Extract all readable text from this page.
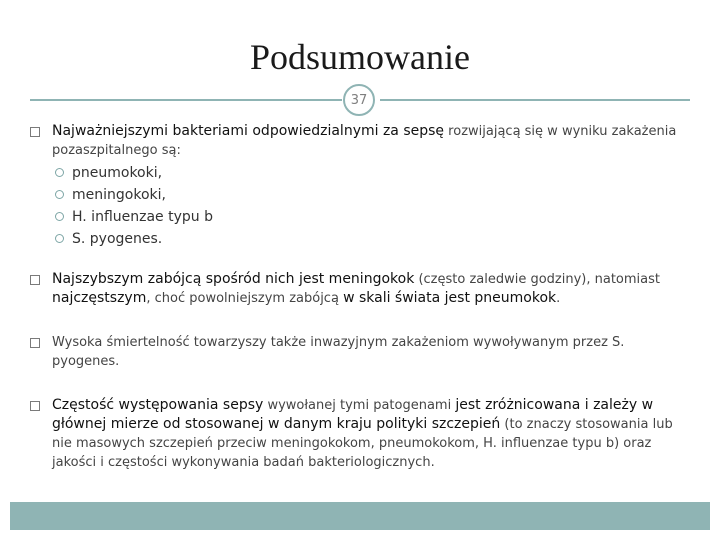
Podsumowanie
37
Najważniejszymi bakteriami odpowiedzialnymi za sepsę rozwijającą się w wyniku zakażenia pozaszpitalnego są:
pneumokoki,
meningokoki,
H. influenzae typu b
S. pyogenes.
Najszybszym zabójcą spośród nich jest meningokok (często zaledwie godziny), natomiast najczęstszym, choć powolniejszym zabójcą w skali świata jest pneumokok.
Wysoka śmiertelność towarzyszy także inwazyjnym zakażeniom wywoływanym przez S. pyogenes.
Częstość występowania sepsy wywołanej tymi patogenami jest zróżnicowana i zależy w głównej mierze od stosowanej w danym kraju polityki szczepień (to znaczy stosowania lub nie masowych szczepień przeciw meningokokom, pneumokokom, H. influenzae typu b) oraz jakości i częstości wykonywania badań bakteriologicznych.
